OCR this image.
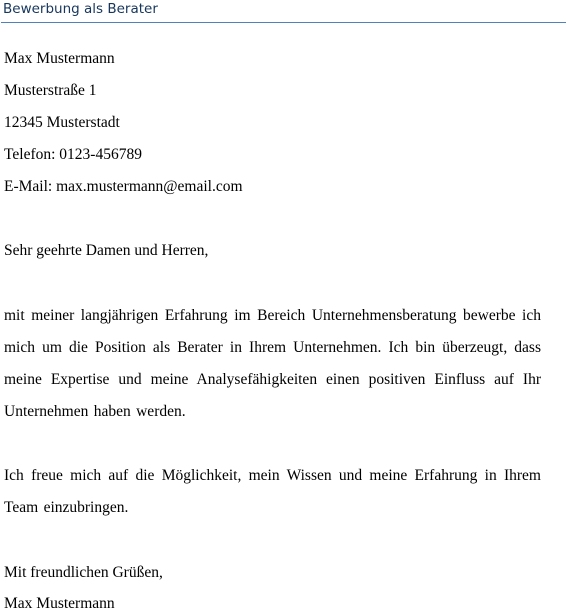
Bewerbung als Berater
Max Mustermann
Musterstraße 1
12345 Musterstadt
Telefon: 0123-456789
E-Mail: max.mustermann@email.com
Sehr geehrte Damen und Herren,
mit meiner langjährigen Erfahrung im Bereich Unternehmensberatung bewerbe ich mich um die Position als Berater in Ihrem Unternehmen. Ich bin überzeugt, dass meine Expertise und meine Analysefähigkeiten einen positiven Einfluss auf Ihr Unternehmen haben werden.
Ich freue mich auf die Möglichkeit, mein Wissen und meine Erfahrung in Ihrem Team einzubringen.
Mit freundlichen Grüßen,
Max Mustermann
